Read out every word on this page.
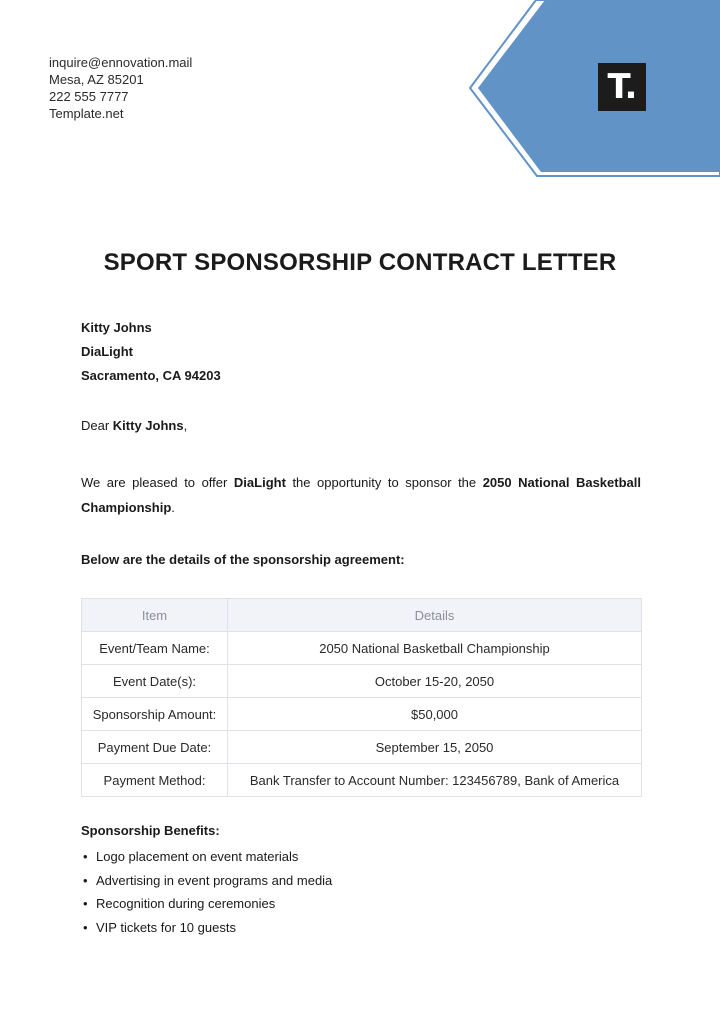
inquire@ennovation.mail
Mesa, AZ 85201
222 555 7777
Template.net
T.
SPORT SPONSORSHIP CONTRACT LETTER
Kitty Johns
DiaLight
Sacramento, CA 94203
Dear Kitty Johns,
We are pleased to offer DiaLight the opportunity to sponsor the 2050 National Basketball Championship.
Below are the details of the sponsorship agreement:
Item	Details
Event/Team Name:	2050 National Basketball Championship
Event Date(s):	October 15-20, 2050
Sponsorship Amount:	$50,000
Payment Due Date:	September 15, 2050
Payment Method:	Bank Transfer to Account Number: 123456789, Bank of America
Sponsorship Benefits:
• Logo placement on event materials
• Advertising in event programs and media
• Recognition during ceremonies
• VIP tickets for 10 guests
